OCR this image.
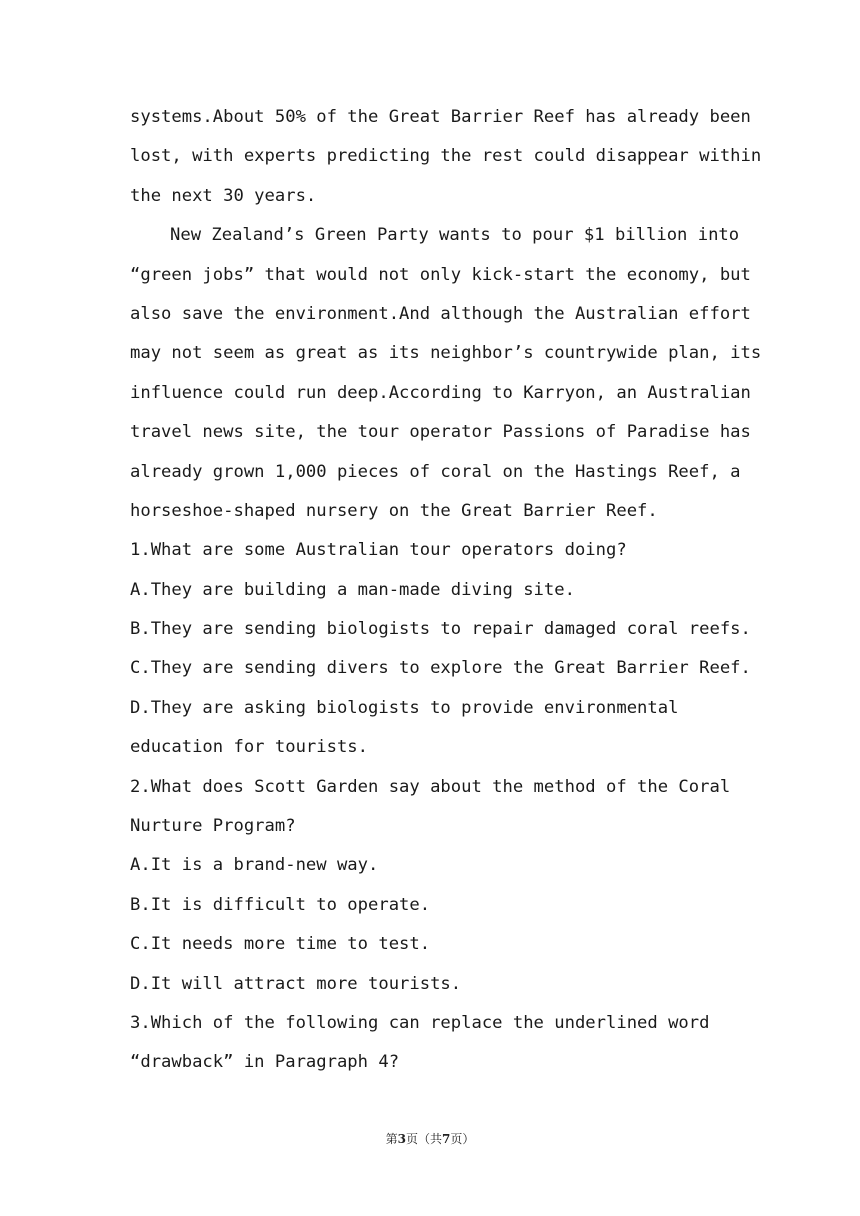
systems.About 50% of the Great Barrier Reef has already been
lost, with experts predicting the rest could disappear within
the next 30 years.
New Zealand’s Green Party wants to pour $1 billion into
“green jobs” that would not only kick-start the economy, but
also save the environment.And although the Australian effort
may not seem as great as its neighbor’s countrywide plan, its
influence could run deep.According to Karryon, an Australian
travel news site, the tour operator Passions of Paradise has
already grown 1,000 pieces of coral on the Hastings Reef, a
horseshoe-shaped nursery on the Great Barrier Reef.
1.What are some Australian tour operators doing?
A.They are building a man-made diving site.
B.They are sending biologists to repair damaged coral reefs.
C.They are sending divers to explore the Great Barrier Reef.
D.They are asking biologists to provide environmental
education for tourists.
2.What does Scott Garden say about the method of the Coral
Nurture Program?
A.It is a brand-new way.
B.It is difficult to operate.
C.It needs more time to test.
D.It will attract more tourists.
3.Which of the following can replace the underlined word
“drawback” in Paragraph 4?
第3页（共7页）
